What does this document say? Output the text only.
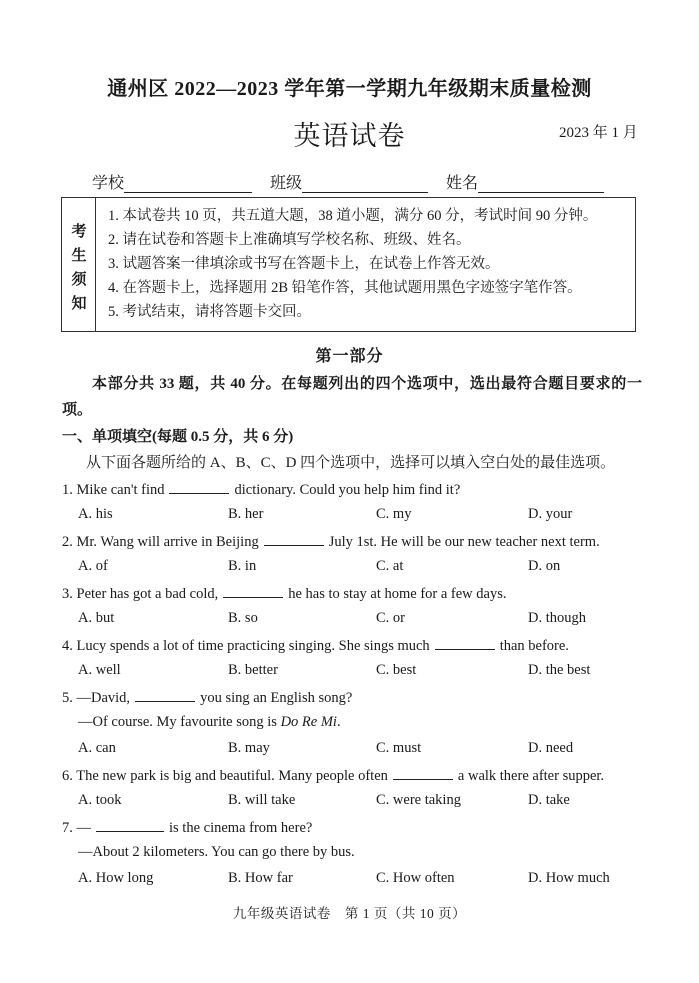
通州区 2022—2023 学年第一学期九年级期末质量检测
英语试卷	2023 年 1 月
学校	班级	姓名
考
生
须
知
1. 本试卷共 10 页，共五道大题，38 道小题，满分 60 分，考试时间 90 分钟。
2. 请在试卷和答题卡上准确填写学校名称、班级、姓名。
3. 试题答案一律填涂或书写在答题卡上，在试卷上作答无效。
4. 在答题卡上，选择题用 2B 铅笔作答，其他试题用黑色字迹签字笔作答。
5. 考试结束，请将答题卡交回。
第一部分
本部分共 33 题，共 40 分。在每题列出的四个选项中，选出最符合题目要求的一项。
一、单项填空(每题 0.5 分，共 6 分)
从下面各题所给的 A、B、C、D 四个选项中，选择可以填入空白处的最佳选项。
1. Mike can't find	dictionary. Could you help him find it?
A. his	B. her	C. my	D. your
2. Mr. Wang will arrive in Beijing	July 1st. He will be our new teacher next term.
A. of	B. in	C. at	D. on
3. Peter has got a bad cold,	he has to stay at home for a few days.
A. but	B. so	C. or	D. though
4. Lucy spends a lot of time practicing singing. She sings much	than before.
A. well	B. better	C. best	D. the best
5. —David,	you sing an English song?
—Of course. My favourite song is Do Re Mi.
A. can	B. may	C. must	D. need
6. The new park is big and beautiful. Many people often	a walk there after supper.
A. took	B. will take	C. were taking	D. take
7. —	is the cinema from here?
—About 2 kilometers. You can go there by bus.
A. How long	B. How far	C. How often	D. How much
九年级英语试卷　第 1 页（共 10 页）
